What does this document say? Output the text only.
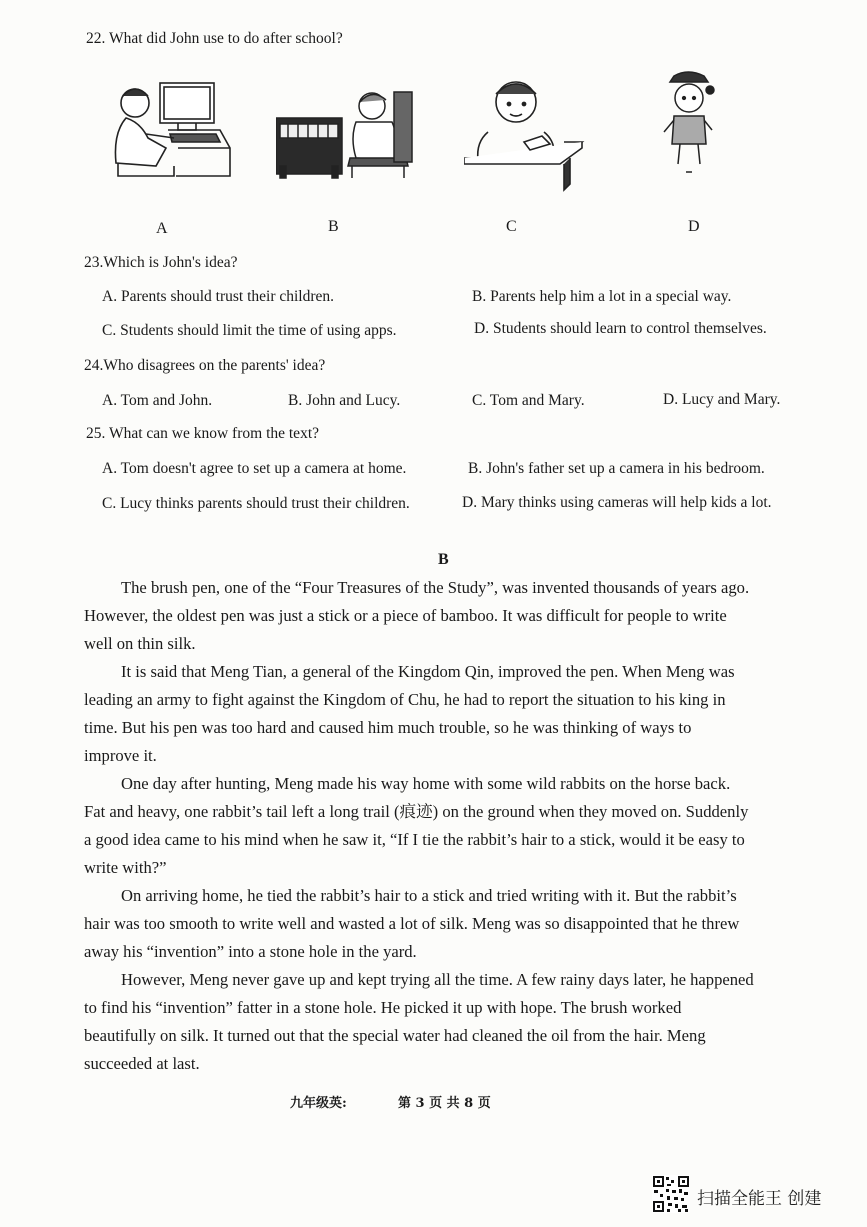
22. What did John use to do after school?
A	B	C	D
23.Which is John's idea?
A. Parents should trust their children.	B. Parents help him a lot in a special way.
C. Students should limit the time of using apps.	D. Students should learn to control themselves.
24.Who disagrees on the parents' idea?
A. Tom and John.	B. John and Lucy.	C. Tom and Mary.	D. Lucy and Mary.
25. What can we know from the text?
A. Tom doesn't agree to set up a camera at home.	B. John's father set up a camera in his bedroom.
C. Lucy thinks parents should trust their children.	D. Mary thinks using cameras will help kids a lot.
B
The brush pen, one of the “Four Treasures of the Study”, was invented thousands of years ago.
However, the oldest pen was just a stick or a piece of bamboo. It was difficult for people to write
well on thin silk.
It is said that Meng Tian, a general of the Kingdom Qin, improved the pen. When Meng was
leading an army to fight against the Kingdom of Chu, he had to report the situation to his king in
time. But his pen was too hard and caused him much trouble, so he was thinking of ways to
improve it.
One day after hunting, Meng made his way home with some wild rabbits on the horse back.
Fat and heavy, one rabbit’s tail left a long trail (痕迹) on the ground when they moved on. Suddenly
a good idea came to his mind when he saw it, “If I tie the rabbit’s hair to a stick, would it be easy to
write with?”
On arriving home, he tied the rabbit’s hair to a stick and tried writing with it. But the rabbit’s
hair was too smooth to write well and wasted a lot of silk. Meng was so disappointed that he threw
away his “invention” into a stone hole in the yard.
However, Meng never gave up and kept trying all the time. A few rainy days later, he happened
to find his “invention” fatter in a stone hole. He picked it up with hope. The brush worked
beautifully on silk. It turned out that the special water had cleaned the oil from the hair. Meng
succeeded at last.
九年级英:	第 3 页 共 8 页
扫描全能王 创建
